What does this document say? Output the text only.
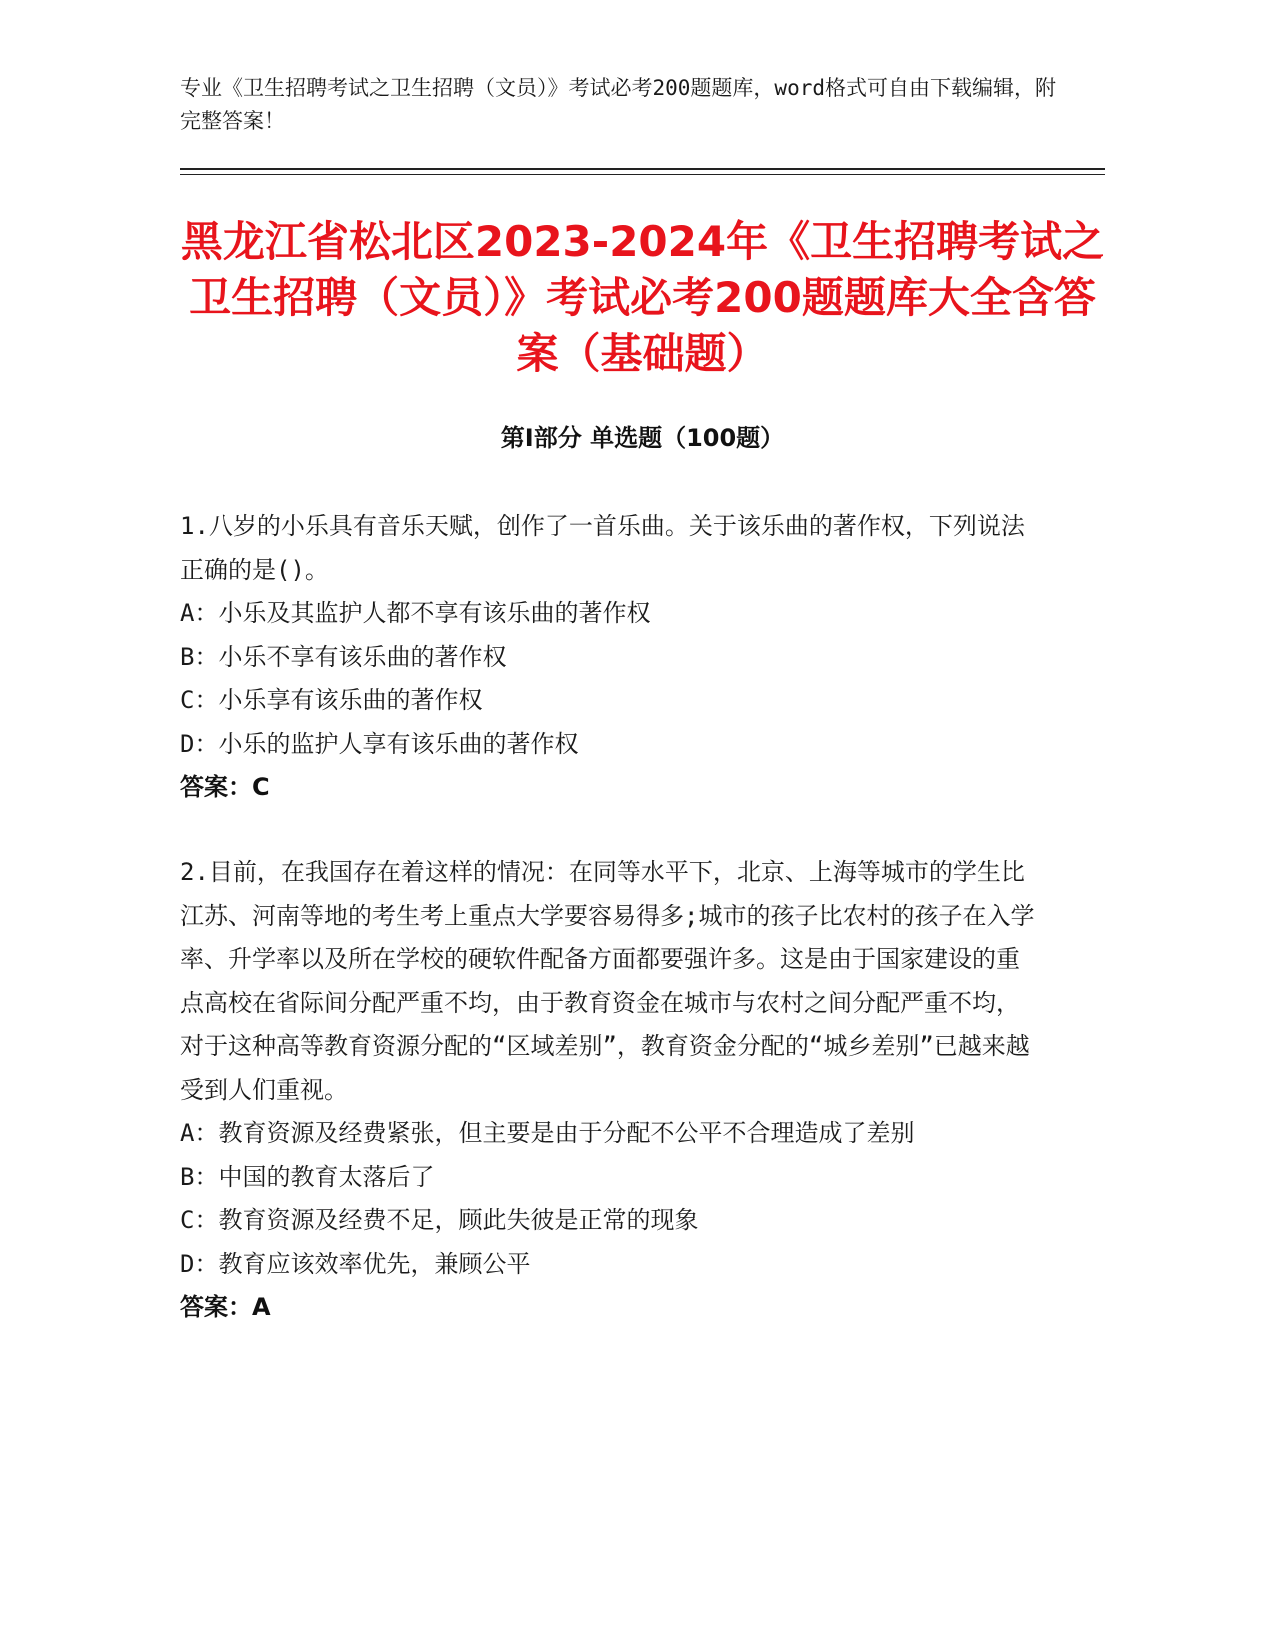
专业《卫生招聘考试之卫生招聘（文员）》考试必考200题题库，word格式可自由下载编辑，附完整答案！
黑龙江省松北区2023-2024年《卫生招聘考试之卫生招聘（文员）》考试必考200题题库大全含答案（基础题）
第Ⅰ部分 单选题（100题）
1.八岁的小乐具有音乐天赋，创作了一首乐曲。关于该乐曲的著作权，下列说法正确的是()。
A：小乐及其监护人都不享有该乐曲的著作权
B：小乐不享有该乐曲的著作权
C：小乐享有该乐曲的著作权
D：小乐的监护人享有该乐曲的著作权
答案：C
2.目前，在我国存在着这样的情况：在同等水平下，北京、上海等城市的学生比江苏、河南等地的考生考上重点大学要容易得多;城市的孩子比农村的孩子在入学率、升学率以及所在学校的硬软件配备方面都要强许多。这是由于国家建设的重点高校在省际间分配严重不均，由于教育资金在城市与农村之间分配严重不均，对于这种高等教育资源分配的“区域差别”，教育资金分配的“城乡差别”已越来越受到人们重视。
A：教育资源及经费紧张，但主要是由于分配不公平不合理造成了差别
B：中国的教育太落后了
C：教育资源及经费不足，顾此失彼是正常的现象
D：教育应该效率优先，兼顾公平
答案：A
